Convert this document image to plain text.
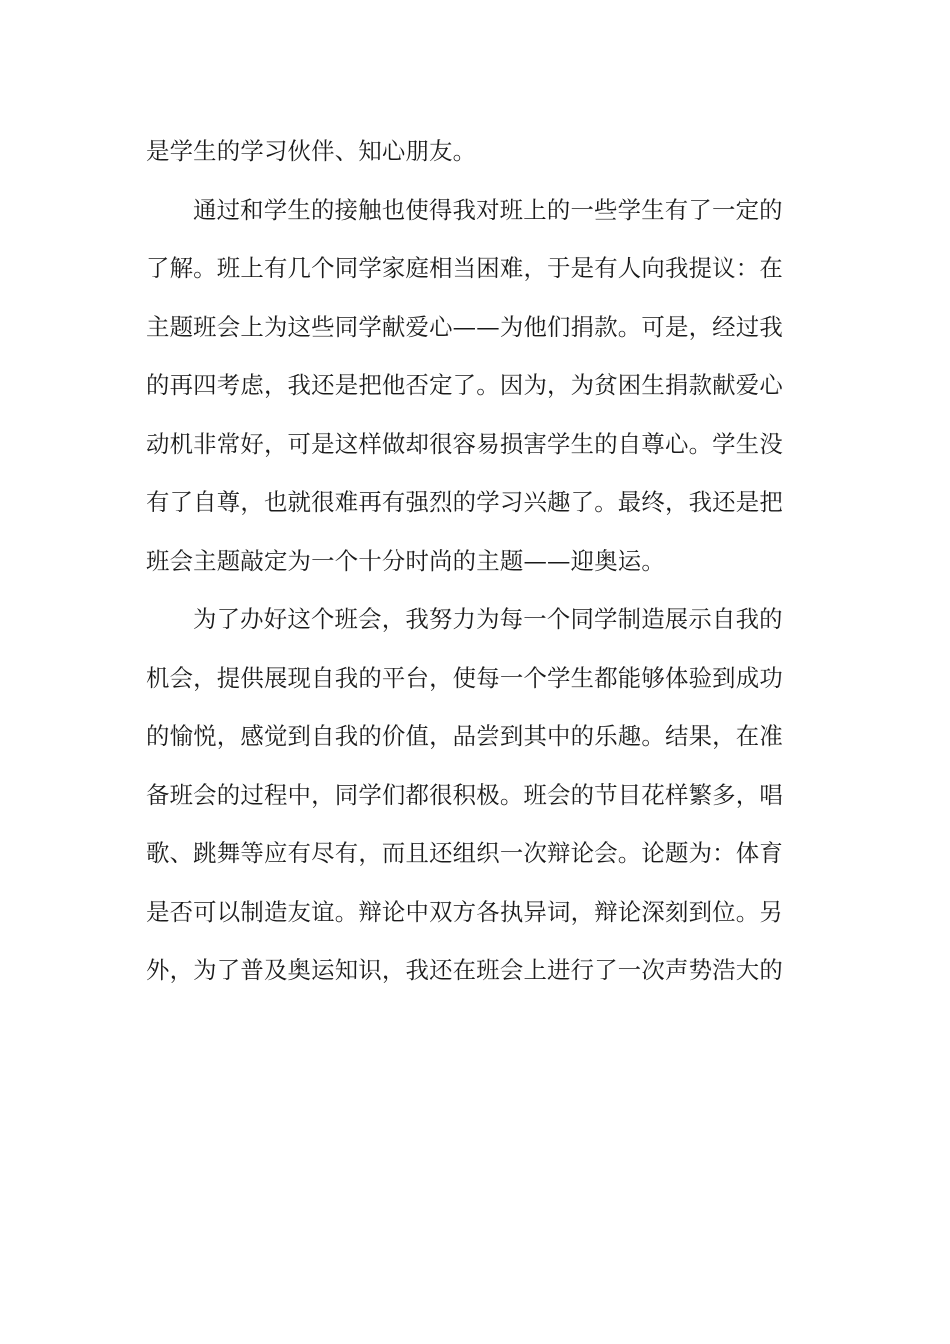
是学生的学习伙伴、知心朋友。
通过和学生的接触也使得我对班上的一些学生有了一定的
了解。班上有几个同学家庭相当困难，于是有人向我提议：在
主题班会上为这些同学献爱心——为他们捐款。可是，经过我
的再四考虑，我还是把他否定了。因为，为贫困生捐款献爱心
动机非常好，可是这样做却很容易损害学生的自尊心。学生没
有了自尊，也就很难再有强烈的学习兴趣了。最终，我还是把
班会主题敲定为一个十分时尚的主题——迎奥运。
为了办好这个班会，我努力为每一个同学制造展示自我的
机会，提供展现自我的平台，使每一个学生都能够体验到成功
的愉悦，感觉到自我的价值，品尝到其中的乐趣。结果，在准
备班会的过程中，同学们都很积极。班会的节目花样繁多，唱
歌、跳舞等应有尽有，而且还组织一次辩论会。论题为：体育
是否可以制造友谊。辩论中双方各执异词，辩论深刻到位。另
外，为了普及奥运知识，我还在班会上进行了一次声势浩大的
